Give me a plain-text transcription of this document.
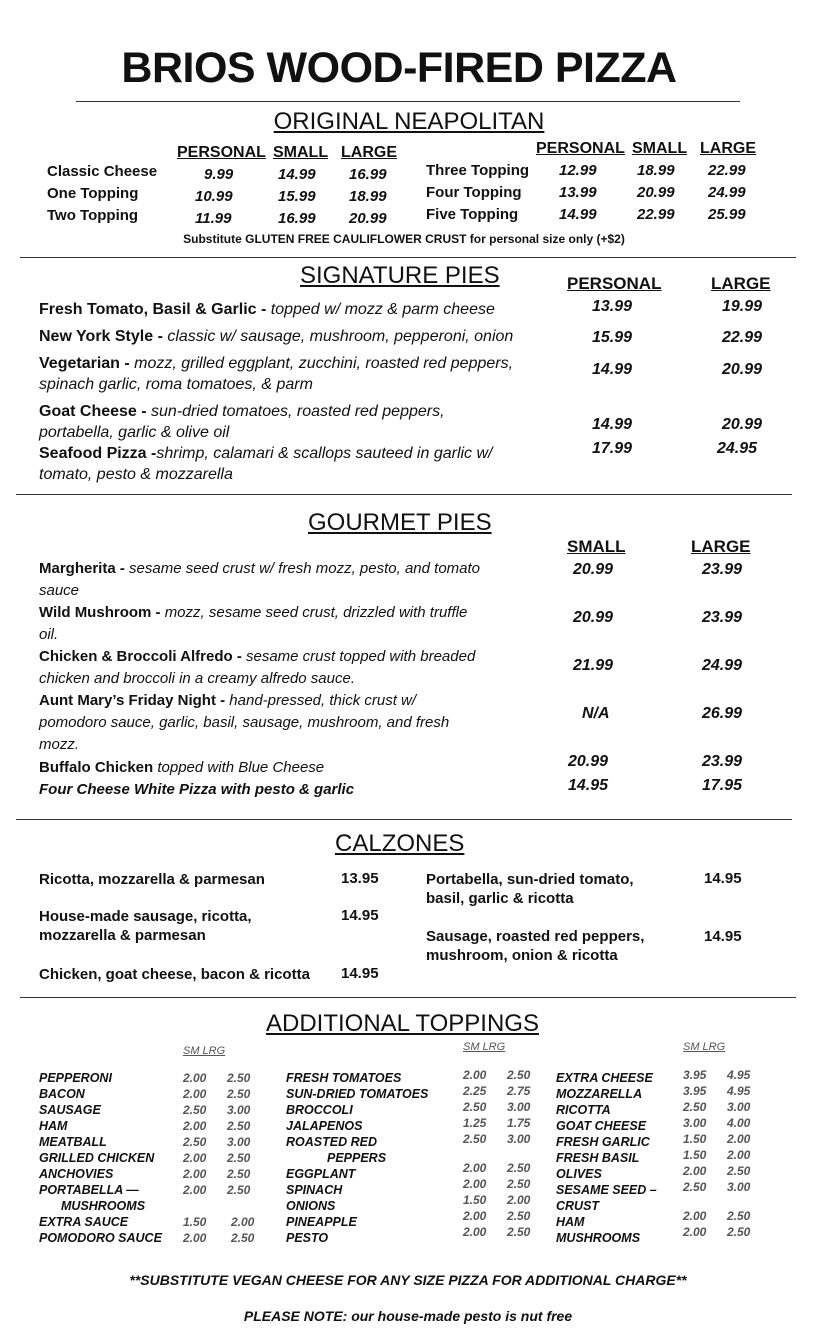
BRIOS WOOD-FIRED PIZZA
ORIGINAL NEAPOLITAN
PERSONAL SMALL LARGE	PERSONAL SMALL LARGE
Classic Cheese	9.99	14.99 16.99
One Topping	10.99	15.99 18.99
Two Topping	11.99	16.99 20.99
Three Topping 12.99	18.99 22.99
Four Topping 13.99	20.99 24.99
Five Topping	14.99	22.99 25.99
Substitute GLUTEN FREE CAULIFLOWER CRUST for personal size only (+$2)
SIGNATURE PIES	PERSONAL	LARGE
Fresh Tomato, Basil & Garlic - topped w/ mozz & parm cheese	13.99	19.99
New York Style - classic w/ sausage, mushroom, pepperoni, onion	15.99	22.99
Vegetarian - mozz, grilled eggplant, zucchini, roasted red peppers,
spinach garlic, roma tomatoes, & parm
14.99	20.99
Goat Cheese - sun-dried tomatoes, roasted red peppers,
portabella, garlic & olive oil	14.99	20.99
Seafood Pizza -shrimp, calamari & scallops sauteed in garlic w/
tomato, pesto & mozzarella
17.99	24.95
GOURMET PIES
SMALL	LARGE
Margherita - sesame seed crust w/ fresh mozz, pesto, and tomato
sauce
20.99	23.99
Wild Mushroom - mozz, sesame seed crust, drizzled with truffle
oil.
20.99	23.99
Chicken & Broccoli Alfredo - sesame crust topped with breaded
chicken and broccoli in a creamy alfredo sauce.
21.99	24.99
Aunt Mary’s Friday Night - hand-pressed, thick crust w/
pomodoro sauce, garlic, basil, sausage, mushroom, and fresh
mozz.
N/A	26.99
Buffalo Chicken topped with Blue Cheese	20.99	23.99
Four Cheese White Pizza with pesto & garlic	14.95	17.95
CALZONES
Ricotta, mozzarella & parmesan	13.95
House-made sausage, ricotta,
mozzarella & parmesan
14.95
Chicken, goat cheese, bacon & ricotta 14.95
Portabella, sun-dried tomato,
basil, garlic & ricotta
14.95
Sausage, roasted red peppers,
mushroom, onion & ricotta
14.95
ADDITIONAL TOPPINGS
SM LRG	SM LRG	SM LRG
PEPPERONI	2.00 2.50
BACON	2.00 2.50
SAUSAGE	2.50 3.00
HAM	2.00 2.50
MEATBALL	2.50 3.00
GRILLED CHICKEN 2.00 2.50
ANCHOVIES	2.00 2.50
PORTABELLA —	2.00 2.50
MUSHROOMS
EXTRA SAUCE	1.50 2.00
POMODORO SAUCE 2.00 2.50
FRESH TOMATOES	2.00 2.50
SUN-DRIED TOMATOES	2.25 2.75
BROCCOLI	2.50 3.00
JALAPENOS	1.25 1.75
ROASTED RED	2.50 3.00
PEPPERS
EGGPLANT	2.00 2.50
SPINACH	2.00 2.50
ONIONS	1.50 2.00
PINEAPPLE	2.00 2.50
PESTO	2.00 2.50
EXTRA CHEESE	3.95 4.95
MOZZARELLA	3.95 4.95
RICOTTA	2.50 3.00
GOAT CHEESE	3.00 4.00
FRESH GARLIC	1.50 2.00
FRESH BASIL	1.50 2.00
OLIVES	2.00 2.50
SESAME SEED – 2.50 3.00
CRUST
HAM	2.00 2.50
MUSHROOMS	2.00 2.50
**SUBSTITUTE VEGAN CHEESE FOR ANY SIZE PIZZA FOR ADDITIONAL CHARGE**
PLEASE NOTE: our house-made pesto is nut free
